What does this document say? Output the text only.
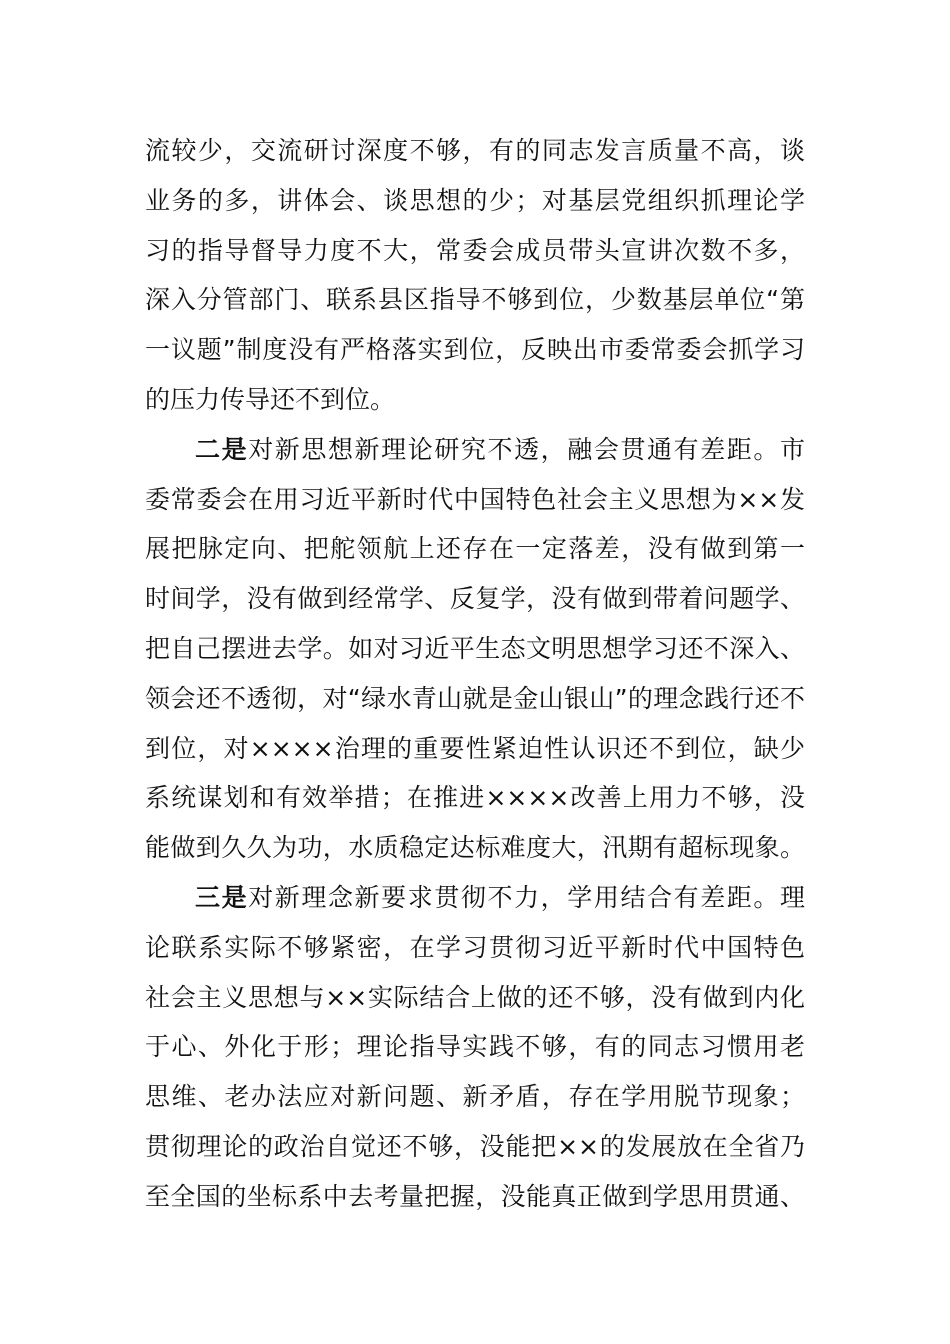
流较少，交流研讨深度不够，有的同志发言质量不高，谈
业务的多，讲体会、谈思想的少；对基层党组织抓理论学
习的指导督导力度不大，常委会成员带头宣讲次数不多，
深入分管部门、联系县区指导不够到位，少数基层单位“第
一议题”制度没有严格落实到位，反映出市委常委会抓学习
的压力传导还不到位。
二是对新思想新理论研究不透，融会贯通有差距。市
委常委会在用习近平新时代中国特色社会主义思想为××发
展把脉定向、把舵领航上还存在一定落差，没有做到第一
时间学，没有做到经常学、反复学，没有做到带着问题学、
把自己摆进去学。如对习近平生态文明思想学习还不深入、
领会还不透彻，对“绿水青山就是金山银山”的理念践行还不
到位，对××××治理的重要性紧迫性认识还不到位，缺少
系统谋划和有效举措；在推进××××改善上用力不够，没
能做到久久为功，水质稳定达标难度大，汛期有超标现象。
三是对新理念新要求贯彻不力，学用结合有差距。理
论联系实际不够紧密，在学习贯彻习近平新时代中国特色
社会主义思想与××实际结合上做的还不够，没有做到内化
于心、外化于形；理论指导实践不够，有的同志习惯用老
思维、老办法应对新问题、新矛盾，存在学用脱节现象；
贯彻理论的政治自觉还不够，没能把××的发展放在全省乃
至全国的坐标系中去考量把握，没能真正做到学思用贯通、
